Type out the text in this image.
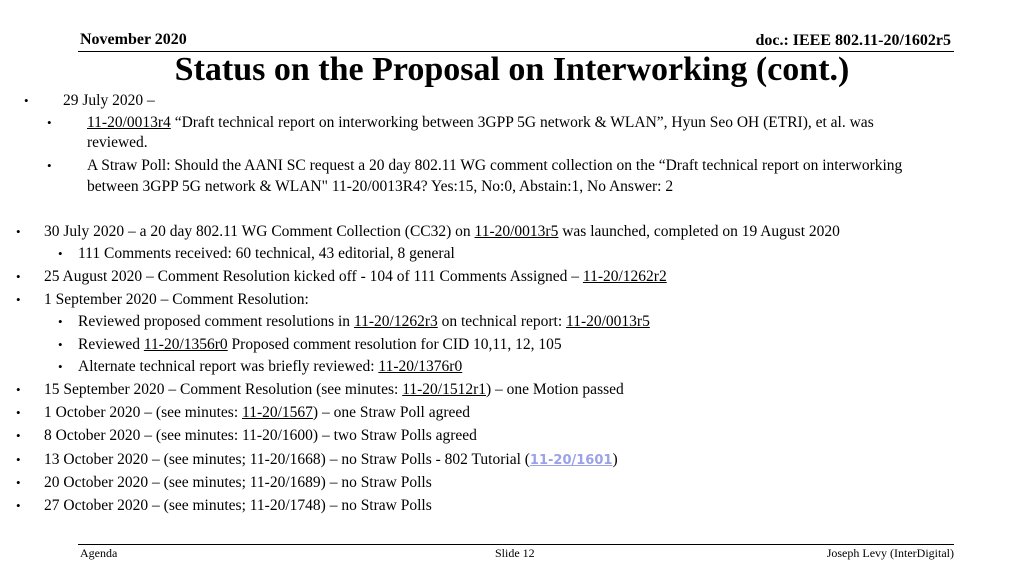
November 2020	doc.: IEEE 802.11-20/1602r5
Status on the Proposal on Interworking (cont.)
• 29 July 2020 –
• 11-20/0013r4 “Draft technical report on interworking between 3GPP 5G network & WLAN”, Hyun Seo OH (ETRI), et al. was
reviewed.
• A Straw Poll: Should the AANI SC request a 20 day 802.11 WG comment collection on the “Draft technical report on interworking
between 3GPP 5G network & WLAN" 11-20/0013R4? Yes:15, No:0, Abstain:1, No Answer: 2
• 30 July 2020 – a 20 day 802.11 WG Comment Collection (CC32) on 11-20/0013r5 was launched, completed on 19 August 2020
• 111 Comments received: 60 technical, 43 editorial, 8 general
• 25 August 2020 – Comment Resolution kicked off - 104 of 111 Comments Assigned – 11-20/1262r2
• 1 September 2020 – Comment Resolution:
• Reviewed proposed comment resolutions in 11-20/1262r3 on technical report: 11-20/0013r5
• Reviewed 11-20/1356r0 Proposed comment resolution for CID 10,11, 12, 105
• Alternate technical report was briefly reviewed: 11-20/1376r0
• 15 September 2020 – Comment Resolution (see minutes: 11-20/1512r1) – one Motion passed
• 1 October 2020 – (see minutes: 11-20/1567) – one Straw Poll agreed
• 8 October 2020 – (see minutes: 11-20/1600) – two Straw Polls agreed
• 13 October 2020 – (see minutes; 11-20/1668) – no Straw Polls - 802 Tutorial (11-20/1601)
• 20 October 2020 – (see minutes; 11-20/1689) – no Straw Polls
• 27 October 2020 – (see minutes; 11-20/1748) – no Straw Polls
Agenda	Slide 12	Joseph Levy (InterDigital)
